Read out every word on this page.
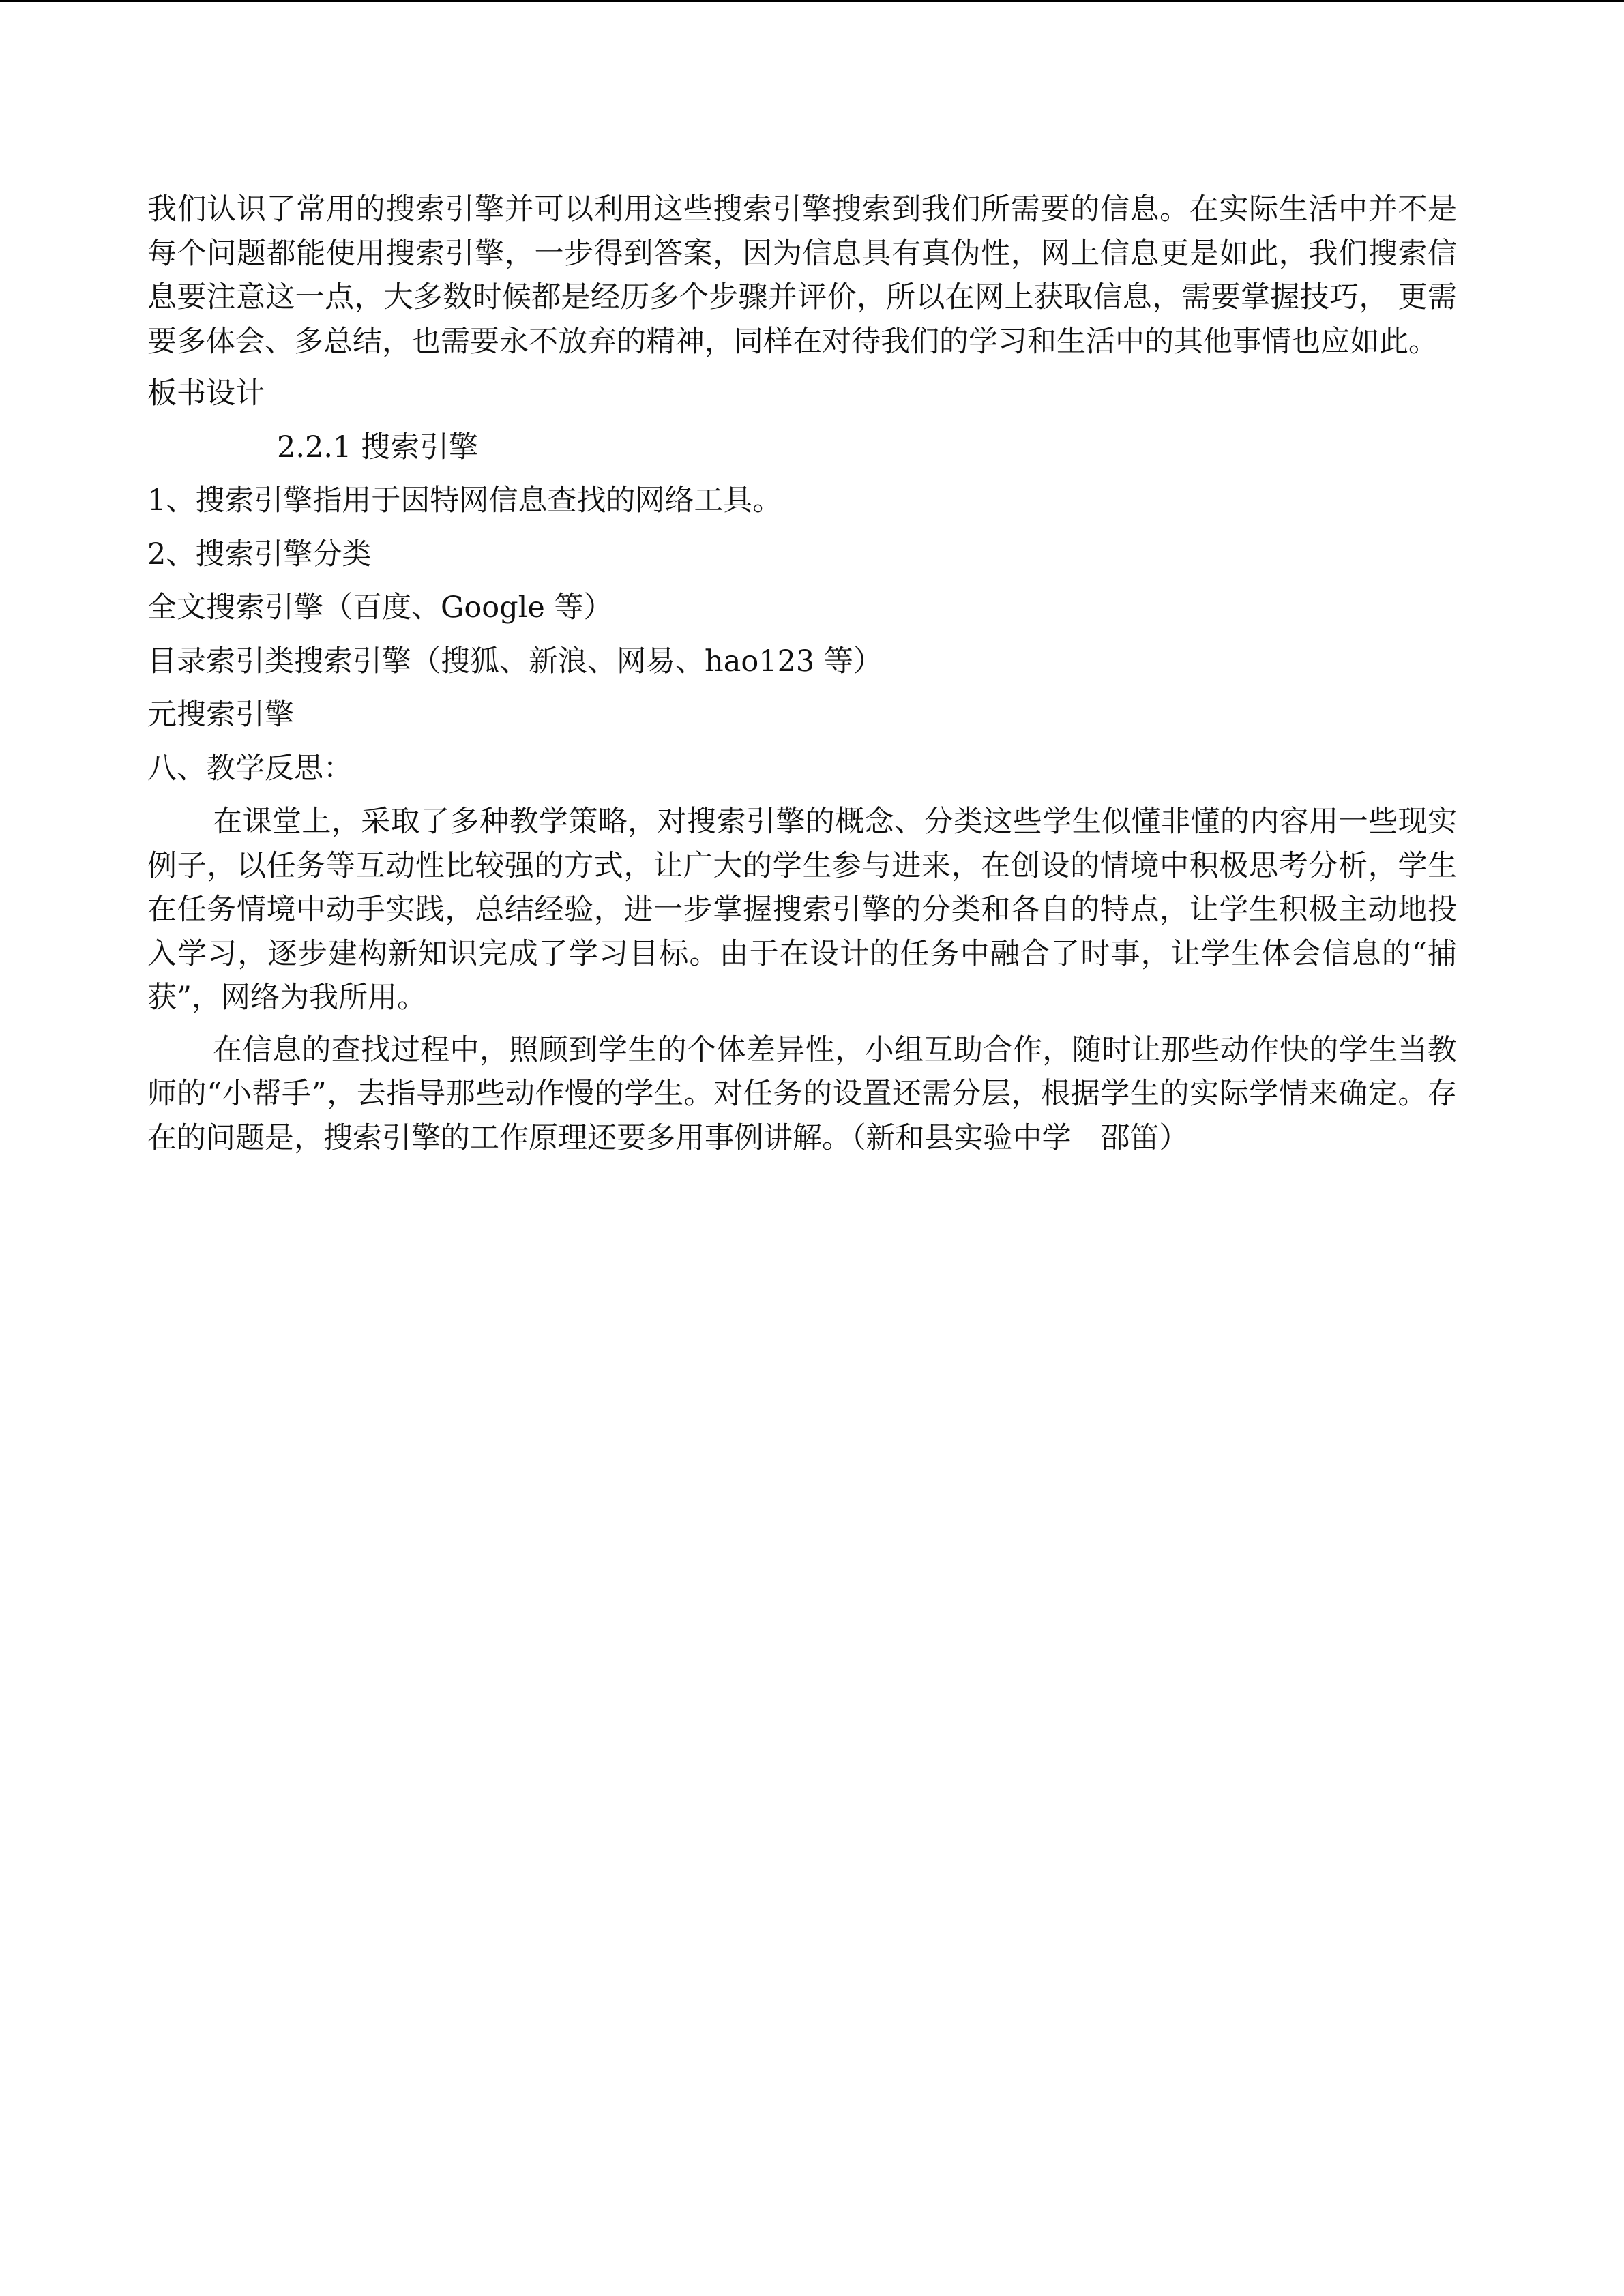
我们认识了常用的搜索引擎并可以利用这些搜索引擎搜索到我们所需要的信息。在实际生活中并不是每个问题都能使用搜索引擎，一步得到答案，因为信息具有真伪性，网上信息更是如此，我们搜索信息要注意这一点，大多数时候都是经历多个步骤并评价，所以在网上获取信息，需要掌握技巧， 更需要多体会、多总结，也需要永不放弃的精神，同样在对待我们的学习和生活中的其他事情也应如此。

板书设计

2.2.1 搜索引擎

1、搜索引擎指用于因特网信息查找的网络工具。

2、搜索引擎分类

全文搜索引擎（百度、Google 等）

目录索引类搜索引擎（搜狐、新浪、网易、hao123 等）

元搜索引擎

八、教学反思：

在课堂上，采取了多种教学策略，对搜索引擎的概念、分类这些学生似懂非懂的内容用一些现实例子，以任务等互动性比较强的方式，让广大的学生参与进来，在创设的情境中积极思考分析，学生在任务情境中动手实践，总结经验，进一步掌握搜索引擎的分类和各自的特点，让学生积极主动地投入学习，逐步建构新知识完成了学习目标。由于在设计的任务中融合了时事，让学生体会信息的“捕获”，网络为我所用。

在信息的查找过程中，照顾到学生的个体差异性，小组互助合作，随时让那些动作快的学生当教师的“小帮手”，去指导那些动作慢的学生。对任务的设置还需分层，根据学生的实际学情来确定。存在的问题是，搜索引擎的工作原理还要多用事例讲解。（新和县实验中学　邵笛）
